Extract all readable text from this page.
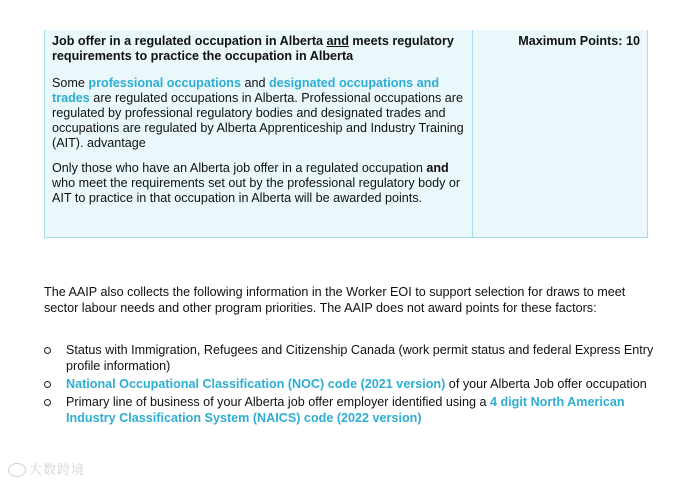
Job offer in a regulated occupation in Alberta and meets regulatory requirements to practice the occupation in Alberta

Some professional occupations and designated occupations and trades are regulated occupations in Alberta. Professional occupations are regulated by professional regulatory bodies and designated trades and occupations are regulated by Alberta Apprenticeship and Industry Training (AIT). advantage

Only those who have an Alberta job offer in a regulated occupation and who meet the requirements set out by the professional regulatory body or AIT to practice in that occupation in Alberta will be awarded points.

Maximum Points: 10

The AAIP also collects the following information in the Worker EOI to support selection for draws to meet sector labour needs and other program priorities. The AAIP does not award points for these factors:

Status with Immigration, Refugees and Citizenship Canada (work permit status and federal Express Entry profile information)
National Occupational Classification (NOC) code (2021 version) of your Alberta Job offer occupation
Primary line of business of your Alberta job offer employer identified using a 4 digit North American Industry Classification System (NAICS) code (2022 version)
大数跨境
